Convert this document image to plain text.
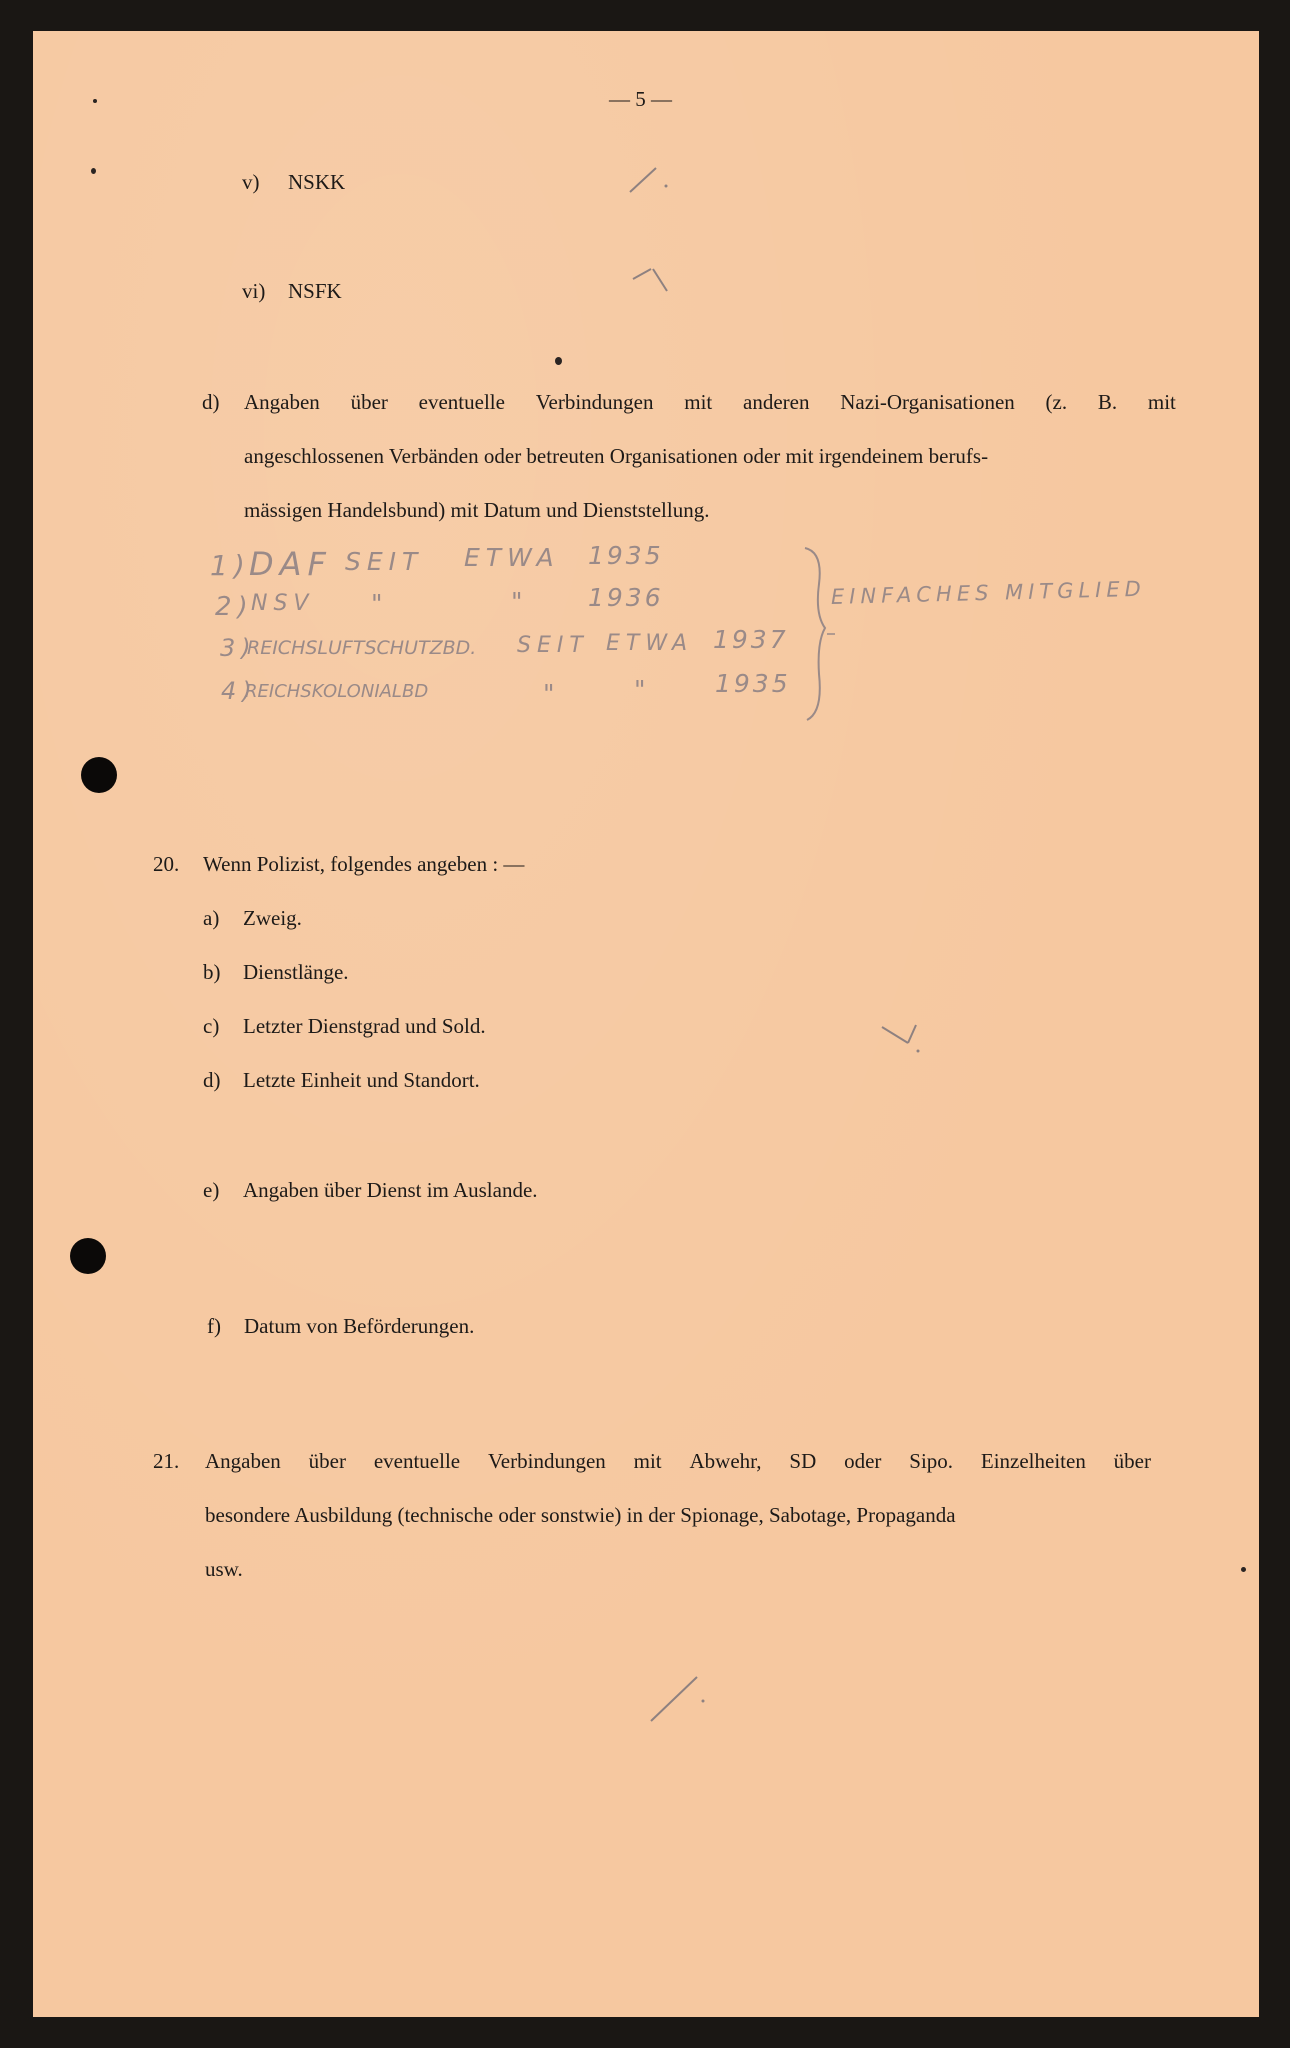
— 5 —

v) NSKK

vi) NSFK

d) Angaben über eventuelle Verbindungen mit anderen Nazi-Organisationen (z. B. mit

angeschlossenen Verbänden oder betreuten Organisationen oder mit irgendeinem berufs-

mässigen Handelsbund) mit Datum und Dienststellung.

1)

DAF SEIT ETWA 1935

2)

NSV "	" 1936

3)

REICHSLUFTSCHUTZBD. SEIT ETWA 1937

4)

REICHSKOLONIALBD	"	"	1935

EINFACHES MITGLIED

20. Wenn Polizist, folgendes angeben : —

a) Zweig.

b) Dienstlänge.

c) Letzter Dienstgrad und Sold.

d) Letzte Einheit und Standort.

e) Angaben über Dienst im Auslande.

f) Datum von Beförderungen.

21. Angaben über eventuelle Verbindungen mit Abwehr, SD oder Sipo. Einzelheiten über

besondere Ausbildung (technische oder sonstwie) in der Spionage, Sabotage, Propaganda

usw.
